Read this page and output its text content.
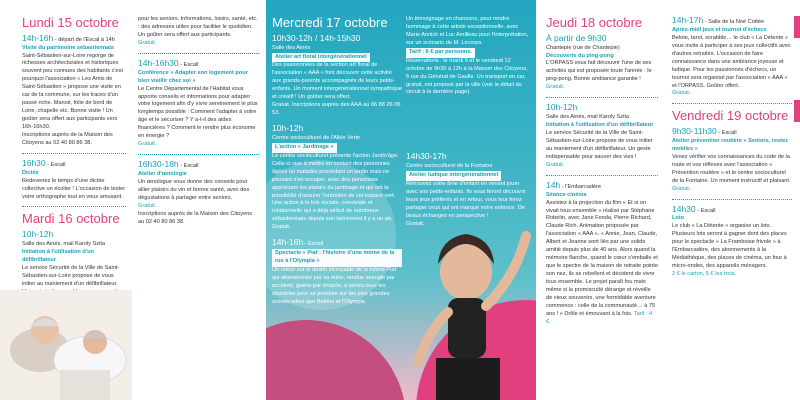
Lundi 15 octobre
14h-16h - départ de l'Escal à 14h
Visite du patrimoine sébastiennais
Saint-Sébastien-sur-Loire regorge de richesses architecturales et historiques souvent peu connues des habitants c'est pourquoi l'association « Les Amis de Saint-Sébastien » propose une visite en car de la commune, sur les traces d'un passé riche. Manoir, folie de bord de Loire, chapelle etc. Bonne visite ! Un goûter sera offert aux participants vers 16h-16h30.
Inscriptions auprès de la Maison des Citoyens au 02 40 80 86 38.
16h30 - Escall
Dictée
Redevenez le temps d'une dictée collective un écolier ! L'occasion de tester votre orthographe tout en vous amusant.
Mardi 16 octobre
10h-12h
Salle des Ainés, mail Karoly Szita
Initiation à l'utilisation d'un défibrillateur
Le service Sécurité de la Ville de Saint-Sébastien-sur-Loire propose de vous initier au maniement d'un défibrillateur.

pour les seniors. Informations, loisirs, santé, etc. : des adresses utiles pour faciliter le quotidien.
Un goûter sera offert aux participants.
Gratuit.
14h-16h30 - Escall
Conférence « Adapter son logement pour bien vieillir chez soi »
Le Centre Départemental de l'Habitat vous apporte conseils et informations pour adapter votre logement afin d'y vivre sereinement le plus longtemps possible : Comment l'adapter à votre âge et le sécuriser ? Y a-t-il des aides financières ? Comment le rendre plus économe en énergie ?
Gratuit.
16h30-18h - Escall
Atelier d'œnologie
Un œnologue vous donne des conseils pour allier plaisirs du vin et bonne santé, avec des dégustations à partager entre seniors.
Gratuit.
Inscriptions auprès de la Maison des Citoyens au 02 40 80 86 38.
Mercredi 17 octobre
10h30-12h / 14h-15h30
Salle des Ainés
Atelier art floral intergénérationnel
Des passionnées de la section art floral de l'association « AAA » font découvrir cette activité aux grands-parents accompagnés de leurs petits-enfants. Un moment intergénérationnel sympathique et créatif ! Un goûter sera offert.
Gratuit. Inscriptions auprès des AAA au 06 88 26 06 53.
10h-12h
Centre socioculturel de l'Allée Verte
L'action « Jardinage »
Le centre socioculturel présente l'action Jardin'âge. Celle-ci vise à mettre en contact des personnes âgées ou malades possédant un jardin mais ne pouvant s'en occuper, avec des personnes appréciant les plaisirs du jardinage et qui ont la possibilité d'assurer l'entretien de cet espace vert. Une action à la fois sociale, conviviale et relationnelle qui a déjà séduit de nombreux sébastiennais depuis son lancement il y a un an.
Gratuit.
14h-16h - Escall
Spectacle « Piaf : l'histoire d'une môme de la rue à l'Olympia »
Un retour sur le destin incroyable de la môme Piaf qui abandonnée par sa mère, rendue aveugle par accident, guérie par miracle, a vaincu tous les obstacles pour se produire sur les plus grandes scènes telles que Bobino et l'Olympia.
Un témoignage en chansons, pour rendre hommage à cette artiste exceptionnelle, avec Marie Annick et Luc Amilleau pour l'interprétation, sur un scénario de M. Lecorps.
Tarif : 6 € par personne.
Réservations : le mardi 9 et le vendredi 12 octobre de 9h30 à 12h à la Maison des Citoyens, 5 rue du Général de Gaulle. Un transport en car, gratuit, est proposé par la ville (voir le détail du circuit à la dernière page).
14h30-17h
Centre socioculturel de la Fontaine
Atelier ludique intergénérationnel
Retrouvez votre âme d'enfant en venant jouer avec vos petits-enfants. Ils vous feront découvrir leurs jeux préférés et en retour, vous leur ferez partager ceux qui ont marqué votre enfance. De beaux échanges en perspective !
Gratuit.
Jeudi 18 octobre
À partir de 9h30
Chantepie (rue de Chantepie)
Découverte du ping-pong
L'ORPASS vous fait découvrir l'une de ses activités qui est proposée toute l'année : le ping-pong. Bonne ambiance garantie !
Gratuit.
10h-12h
Salle des Ainés, mail Karoly Szita
Initiation à l'utilisation d'un défibrillateur
Le service Sécurité de la Ville de Saint-Sébastien-sur-Loire propose de vous initier au maniement d'un défibrillateur. Un geste indispensable pour sauver des vies !
Gratuit.
14h - l'Embarcadère
Séance cinéma
Assistez à la projection du film « Et si on vivait tous ensemble » réalisé par Stéphane Robelin, avec Jane Fonda, Pierre Richard, Claude Rich. Animation proposée par l'association « AAA ». « Annie, Jean, Claude, Albert et Jeanne sont liés par une solide amitié depuis plus de 40 ans. Alors quand la mémoire flanche, quand le cœur s'emballe et que le spectre de la maison de retraite pointe son nez, ils se rebellent et décident de vivre tous ensemble. Le projet paraît fou mais même si la promiscuité dérange et réveille de vieux souvenirs, une formidable aventure commence : celle de la communauté… à 75 ans ! » Drôle et émouvant à la fois. Tarif : 4 €.
14h-17h - Salle de la Noë Cottée
Après-midi jeux et tournoi d'échecs
Belote, tarot, scrabble… le club « La Détente » vous invite à participer à ses jeux collectifs avec d'autres retraités. L'occasion de faire connaissance dans une ambiance joyeuse et ludique. Pour les passionnés d'échecs, un tournoi sera organisé par l'association « AAA » et l'ORPASS. Goûter offert.
Gratuit.
Vendredi 19 octobre
9h30-11h30 - Escall
Atelier prévention routière « Seniors, restez mobiles »
Venez vérifier vos connaissances du code de la route et vos réflexes avec l'association « Prévention routière » et le centre socioculturel de la Fontaine. Un moment instructif et plaisant.
Gratuit.
14h30 - Escall
Loto
Le club « La Détente » organise un loto. Plusieurs lots seront à gagner dont des places pour le spectacle « La Framboise frivole » à l'Embarcadère, des abonnements à la Médiathèque, des places de cinéma, un four à micro-ondes, des appareils ménagers.
2 € le carton, 5 € les trois.
